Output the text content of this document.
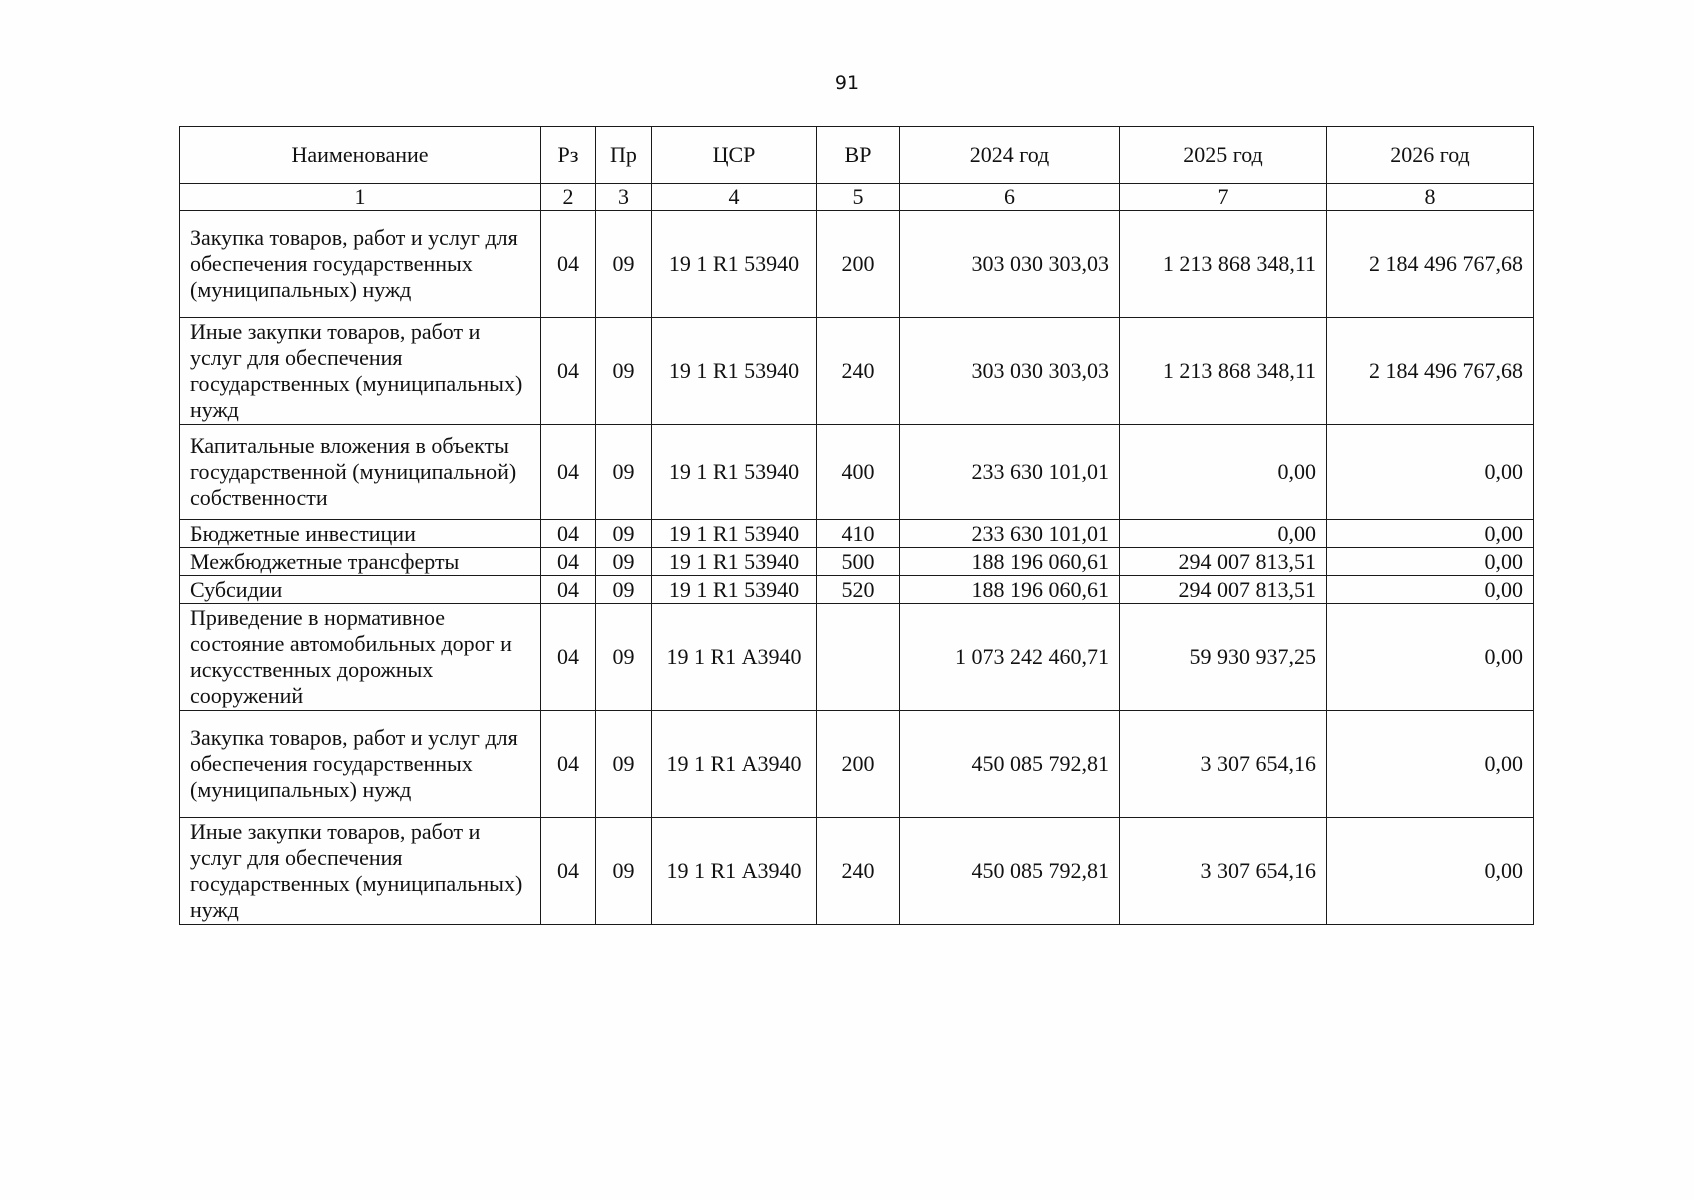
91
Наименование	Рз	Пр	ЦСР	ВР	2024 год	2025 год	2026 год
1	2	3	4	5	6	7	8
Закупка товаров, работ и услуг для обеспечения государственных (муниципальных) нужд	04	09	19 1 R1 53940	200	303 030 303,03	1 213 868 348,11	2 184 496 767,68
Иные закупки товаров, работ и услуг для обеспечения государственных (муниципальных) нужд	04	09	19 1 R1 53940	240	303 030 303,03	1 213 868 348,11	2 184 496 767,68
Капитальные вложения в объекты государственной (муниципальной) собственности	04	09	19 1 R1 53940	400	233 630 101,01	0,00	0,00
Бюджетные инвестиции	04	09	19 1 R1 53940	410	233 630 101,01	0,00	0,00
Межбюджетные трансферты	04	09	19 1 R1 53940	500	188 196 060,61	294 007 813,51	0,00
Субсидии	04	09	19 1 R1 53940	520	188 196 060,61	294 007 813,51	0,00
Приведение в нормативное состояние автомобильных дорог и искусственных дорожных сооружений	04	09	19 1 R1 А3940		1 073 242 460,71	59 930 937,25	0,00
Закупка товаров, работ и услуг для обеспечения государственных (муниципальных) нужд	04	09	19 1 R1 А3940	200	450 085 792,81	3 307 654,16	0,00
Иные закупки товаров, работ и услуг для обеспечения государственных (муниципальных) нужд	04	09	19 1 R1 А3940	240	450 085 792,81	3 307 654,16	0,00
